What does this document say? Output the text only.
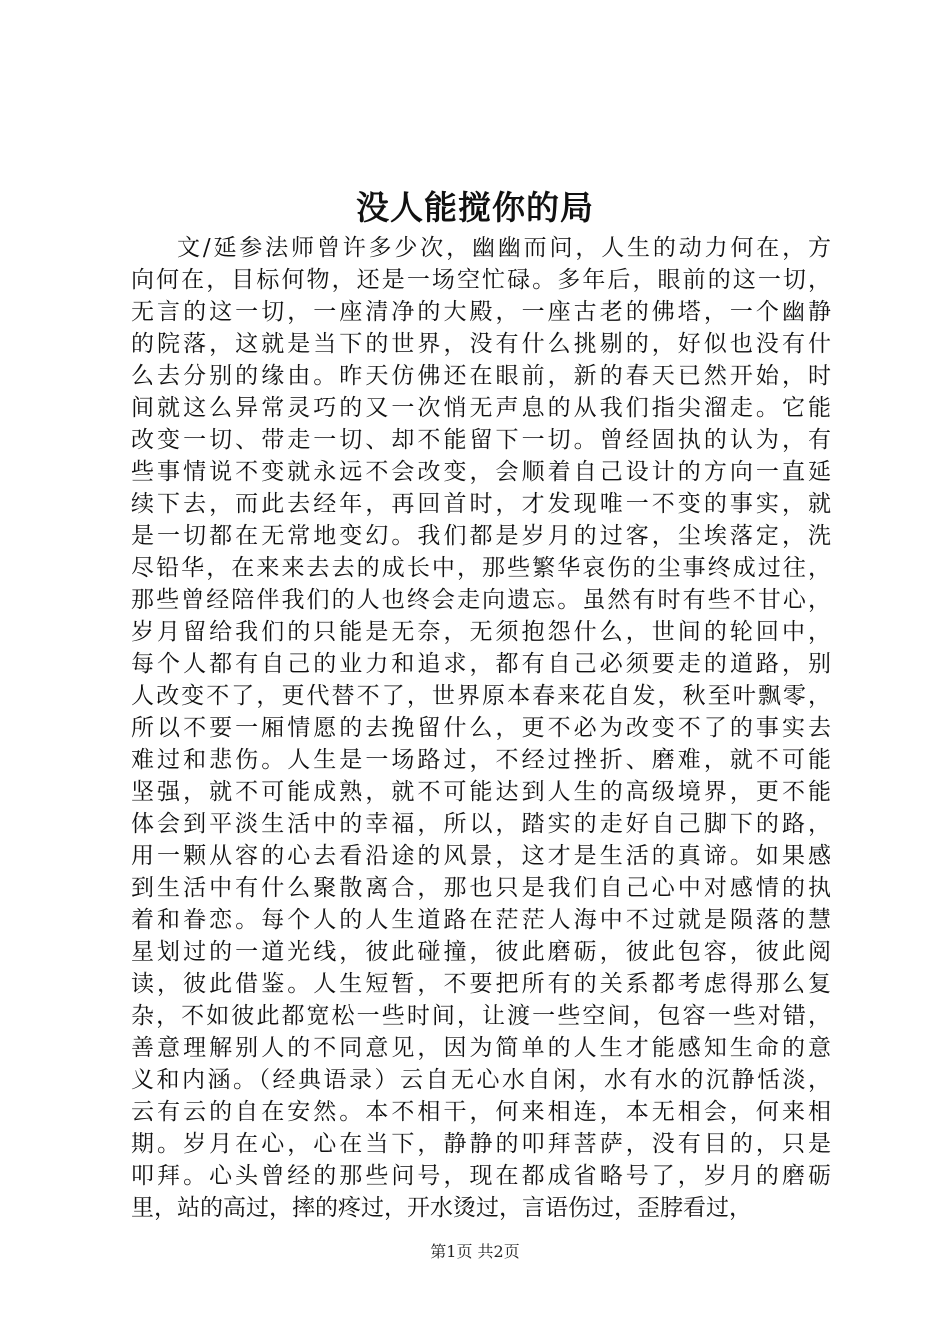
没人能搅你的局
文/延参法师曾许多少次，幽幽而问，人生的动力何在，方
向何在，目标何物，还是一场空忙碌。多年后，眼前的这一切，
无言的这一切，一座清净的大殿，一座古老的佛塔，一个幽静
的院落，这就是当下的世界，没有什么挑剔的，好似也没有什
么去分别的缘由。昨天仿佛还在眼前，新的春天已然开始，时
间就这么异常灵巧的又一次悄无声息的从我们指尖溜走。它能
改变一切、带走一切、却不能留下一切。曾经固执的认为，有
些事情说不变就永远不会改变，会顺着自己设计的方向一直延
续下去，而此去经年，再回首时，才发现唯一不变的事实，就
是一切都在无常地变幻。我们都是岁月的过客，尘埃落定，洗
尽铅华，在来来去去的成长中，那些繁华哀伤的尘事终成过往，
那些曾经陪伴我们的人也终会走向遗忘。虽然有时有些不甘心，
岁月留给我们的只能是无奈，无须抱怨什么，世间的轮回中，
每个人都有自己的业力和追求，都有自己必须要走的道路，别
人改变不了，更代替不了，世界原本春来花自发，秋至叶飘零，
所以不要一厢情愿的去挽留什么，更不必为改变不了的事实去
难过和悲伤。人生是一场路过，不经过挫折、磨难，就不可能
坚强，就不可能成熟，就不可能达到人生的高级境界，更不能
体会到平淡生活中的幸福，所以，踏实的走好自己脚下的路，
用一颗从容的心去看沿途的风景，这才是生活的真谛。如果感
到生活中有什么聚散离合，那也只是我们自己心中对感情的执
着和眷恋。每个人的人生道路在茫茫人海中不过就是陨落的慧
星划过的一道光线，彼此碰撞，彼此磨砺，彼此包容，彼此阅
读，彼此借鉴。人生短暂，不要把所有的关系都考虑得那么复
杂，不如彼此都宽松一些时间，让渡一些空间，包容一些对错，
善意理解别人的不同意见，因为简单的人生才能感知生命的意
义和内涵。（经典语录）云自无心水自闲，水有水的沉静恬淡，
云有云的自在安然。本不相干，何来相连，本无相会，何来相
期。岁月在心，心在当下，静静的叩拜菩萨，没有目的，只是
叩拜。心头曾经的那些问号，现在都成省略号了，岁月的磨砺
里，站的高过，摔的疼过，开水烫过，言语伤过，歪脖看过，
第1页 共2页
